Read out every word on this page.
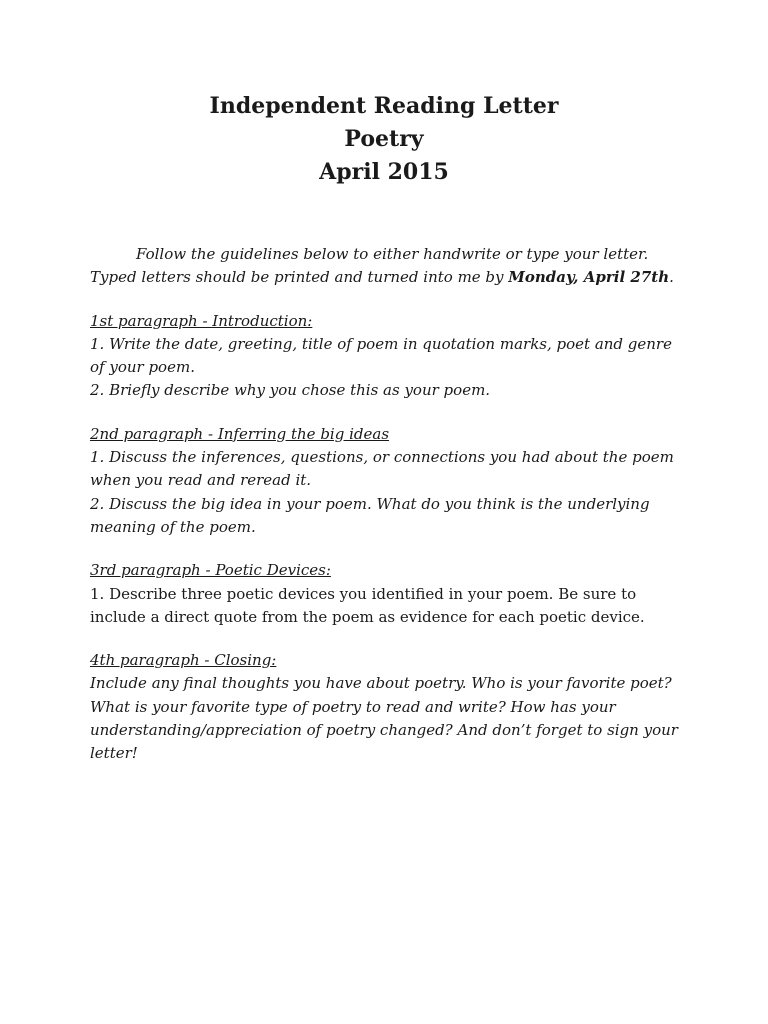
Independent Reading Letter
Poetry
April 2015

Follow the guidelines below to either handwrite or type your letter. Typed letters should be printed and turned into me by Monday, April 27th.

1st paragraph - Introduction:
1. Write the date, greeting, title of poem in quotation marks, poet and genre of your poem.
2. Briefly describe why you chose this as your poem.
2nd paragraph - Inferring the big ideas
1. Discuss the inferences, questions, or connections you had about the poem when you read and reread it.
2. Discuss the big idea in your poem. What do you think is the underlying meaning of the poem.
3rd paragraph - Poetic Devices:
1. Describe three poetic devices you identified in your poem. Be sure to include a direct quote from the poem as evidence for each poetic device.
4th paragraph - Closing:
Include any final thoughts you have about poetry. Who is your favorite poet? What is your favorite type of poetry to read and write? How has your understanding/appreciation of poetry changed? And don’t forget to sign your letter!
